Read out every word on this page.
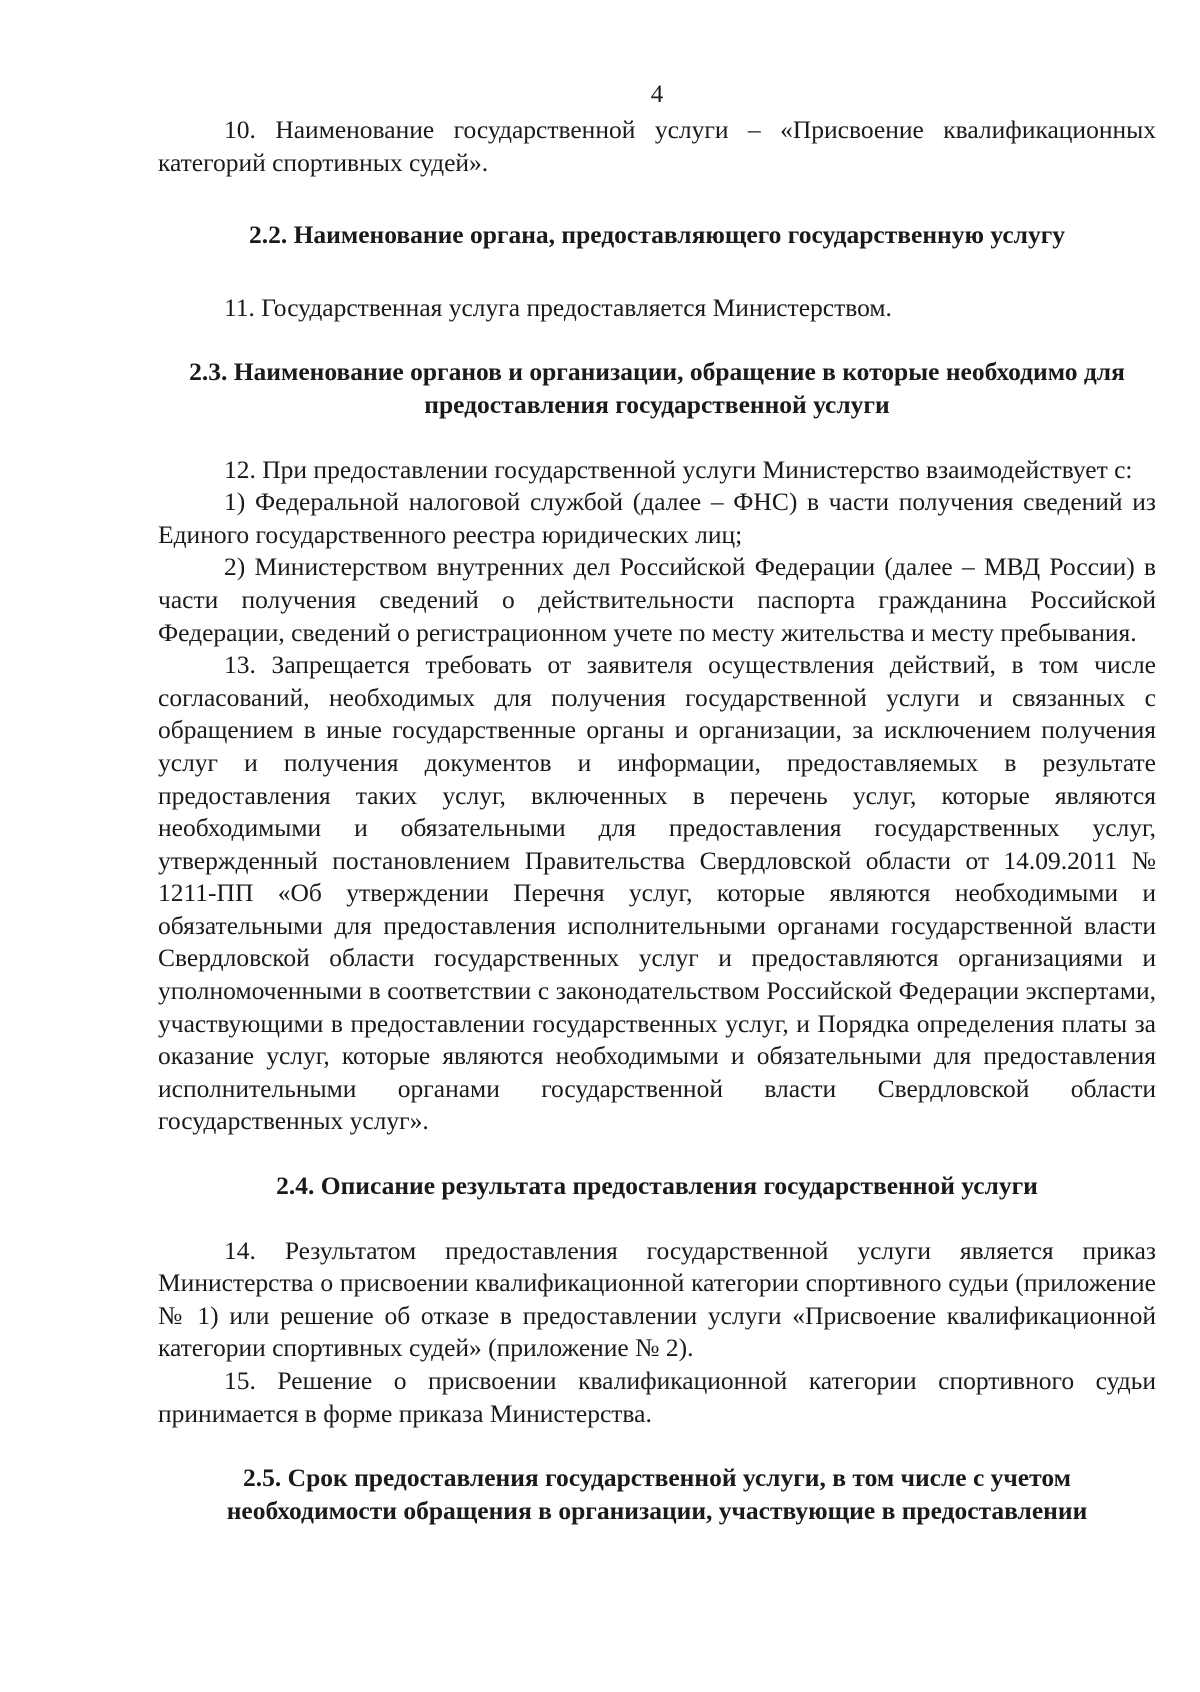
4

10. Наименование государственной услуги – «Присвоение квалификационных категорий спортивных судей».

2.2. Наименование органа, предоставляющего государственную услугу

11. Государственная услуга предоставляется Министерством.

2.3. Наименование органов и организации, обращение в которые необходимо для предоставления государственной услуги

12. При предоставлении государственной услуги Министерство взаимодействует с:

1) Федеральной налоговой службой (далее – ФНС) в части получения сведений из Единого государственного реестра юридических лиц;

2) Министерством внутренних дел Российской Федерации (далее – МВД России) в части получения сведений о действительности паспорта гражданина Российской Федерации, сведений о регистрационном учете по месту жительства и месту пребывания.

13. Запрещается требовать от заявителя осуществления действий, в том числе согласований, необходимых для получения государственной услуги и связанных с обращением в иные государственные органы и организации, за исключением получения услуг и получения документов и информации, предоставляемых в результате предоставления таких услуг, включенных в перечень услуг, которые являются необходимыми и обязательными для предоставления государственных услуг, утвержденный постановлением Правительства Свердловской области от 14.09.2011 № 1211-ПП «Об утверждении Перечня услуг, которые являются необходимыми и обязательными для предоставления исполнительными органами государственной власти Свердловской области государственных услуг и предоставляются организациями и уполномоченными в соответствии с законодательством Российской Федерации экспертами, участвующими в предоставлении государственных услуг, и Порядка определения платы за оказание услуг, которые являются необходимыми и обязательными для предоставления исполнительными органами государственной власти Свердловской области государственных услуг».

2.4. Описание результата предоставления государственной услуги

14. Результатом предоставления государственной услуги является приказ Министерства о присвоении квалификационной категории спортивного судьи (приложение № 1) или решение об отказе в предоставлении услуги «Присвоение квалификационной категории спортивных судей» (приложение № 2).

15. Решение о присвоении квалификационной категории спортивного судьи принимается в форме приказа Министерства.

2.5. Срок предоставления государственной услуги, в том числе с учетом необходимости обращения в организации, участвующие в предоставлении
